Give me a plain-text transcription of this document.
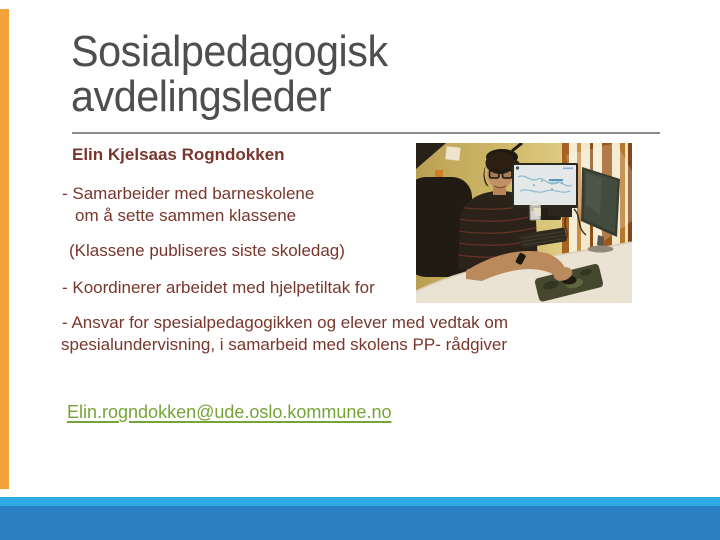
Sosialpedagogisk
avdelingsleder
Elin Kjelsaas Rogndokken
- Samarbeider med barneskolene
om å sette sammen klassene
(Klassene publiseres siste skoledag)
- Koordinerer arbeidet med hjelpetiltak for
- Ansvar for spesialpedagogikken og elever med vedtak om
spesialundervisning, i samarbeid med skolens PP- rådgiver
Elin.rogndokken@ude.oslo.kommune.no
